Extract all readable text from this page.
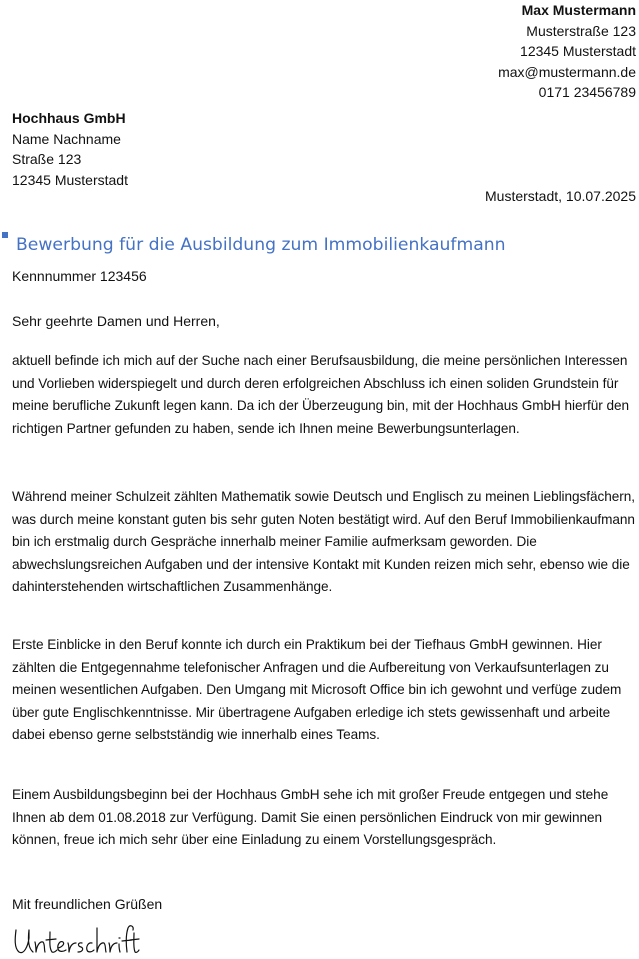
Max Mustermann
Musterstraße 123
12345 Musterstadt
max@mustermann.de
0171 23456789
Hochhaus GmbH
Name Nachname
Straße 123
12345 Musterstadt
Musterstadt, 10.07.2025
Bewerbung für die Ausbildung zum Immobilienkaufmann
Kennnummer 123456
Sehr geehrte Damen und Herren,

aktuell befinde ich mich auf der Suche nach einer Berufsausbildung, die meine persönlichen Interessen und Vorlieben widerspiegelt und durch deren erfolgreichen Abschluss ich einen soliden Grundstein für meine berufliche Zukunft legen kann. Da ich der Überzeugung bin, mit der Hochhaus GmbH hierfür den richtigen Partner gefunden zu haben, sende ich Ihnen meine Bewerbungsunterlagen.

Während meiner Schulzeit zählten Mathematik sowie Deutsch und Englisch zu meinen Lieblingsfächern, was durch meine konstant guten bis sehr guten Noten bestätigt wird. Auf den Beruf Immobilienkaufmann bin ich erstmalig durch Gespräche innerhalb meiner Familie aufmerksam geworden. Die abwechslungsreichen Aufgaben und der intensive Kontakt mit Kunden reizen mich sehr, ebenso wie die dahinterstehenden wirtschaftlichen Zusammenhänge.

Erste Einblicke in den Beruf konnte ich durch ein Praktikum bei der Tiefhaus GmbH gewinnen. Hier zählten die Entgegennahme telefonischer Anfragen und die Aufbereitung von Verkaufsunterlagen zu meinen wesentlichen Aufgaben. Den Umgang mit Microsoft Office bin ich gewohnt und verfüge zudem über gute Englischkenntnisse. Mir übertragene Aufgaben erledige ich stets gewissenhaft und arbeite dabei ebenso gerne selbstständig wie innerhalb eines Teams.

Einem Ausbildungsbeginn bei der Hochhaus GmbH sehe ich mit großer Freude entgegen und stehe Ihnen ab dem 01.08.2018 zur Verfügung. Damit Sie einen persönlichen Eindruck von mir gewinnen können, freue ich mich sehr über eine Einladung zu einem Vorstellungsgespräch.

Mit freundlichen Grüßen
